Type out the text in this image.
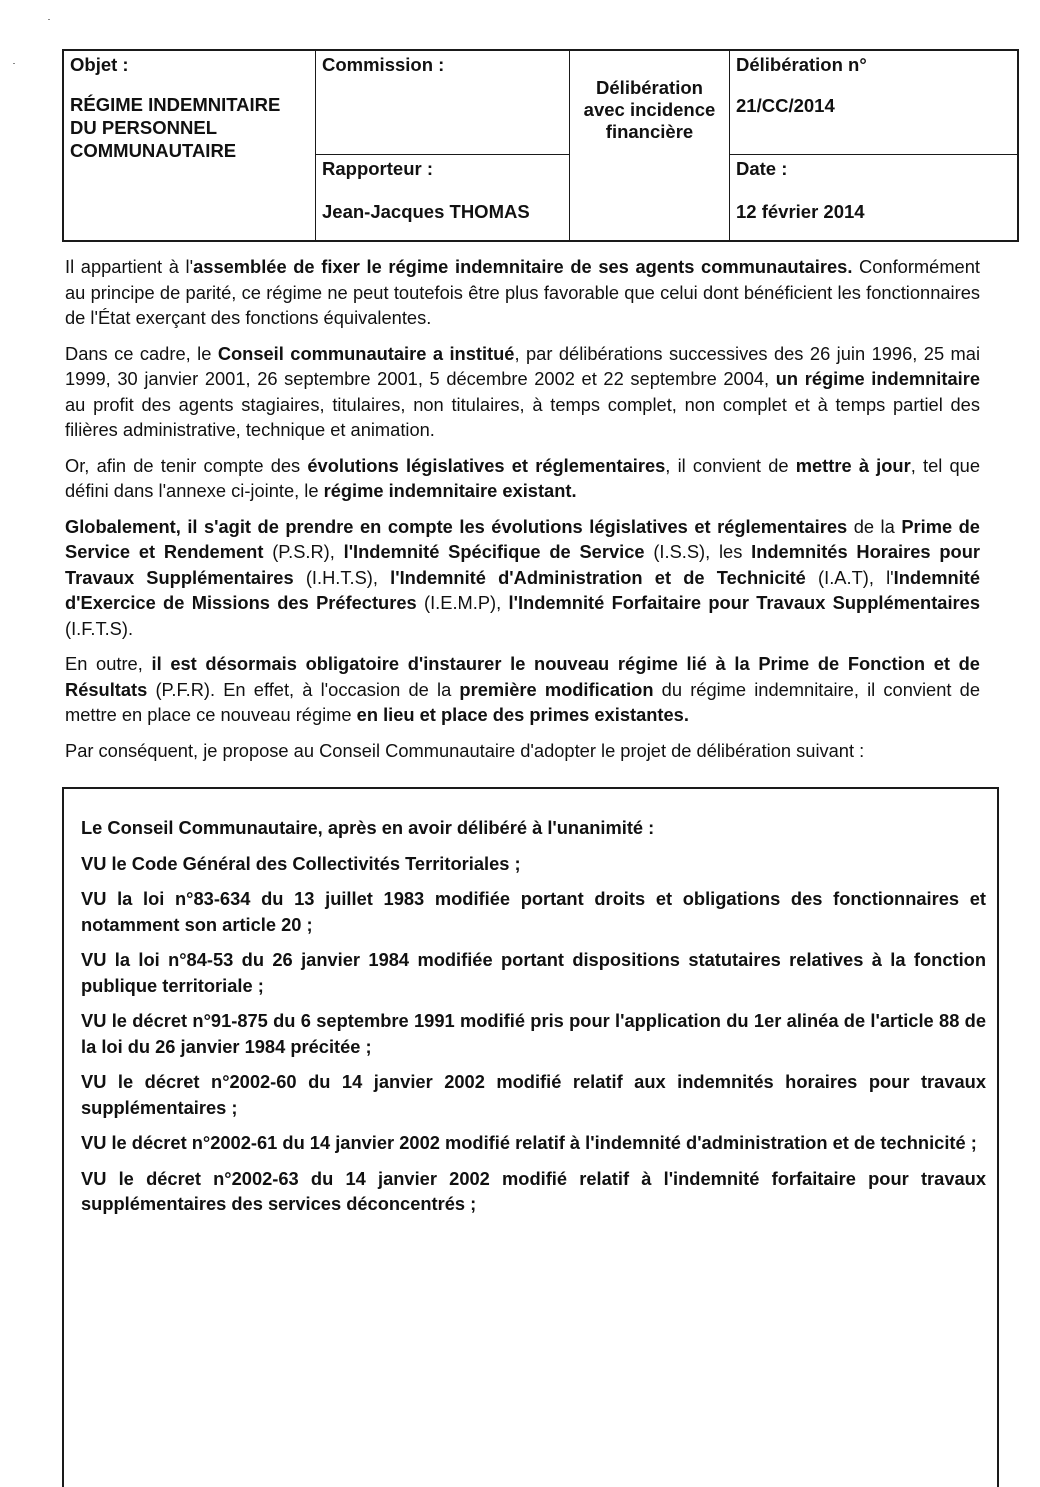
Objet :
RÉGIME INDEMNITAIRE DU PERSONNEL COMMUNAUTAIRE
Commission :
Délibération avec incidence financière
Délibération n°
21/CC/2014
Rapporteur :
Jean-Jacques THOMAS
Date :
12 février 2014

Il appartient à l'assemblée de fixer le régime indemnitaire de ses agents communautaires. Conformément au principe de parité, ce régime ne peut toutefois être plus favorable que celui dont bénéficient les fonctionnaires de l'État exerçant des fonctions équivalentes.

Dans ce cadre, le Conseil communautaire a institué, par délibérations successives des 26 juin 1996, 25 mai 1999, 30 janvier 2001, 26 septembre 2001, 5 décembre 2002 et 22 septembre 2004, un régime indemnitaire au profit des agents stagiaires, titulaires, non titulaires, à temps complet, non complet et à temps partiel des filières administrative, technique et animation.

Or, afin de tenir compte des évolutions législatives et réglementaires, il convient de mettre à jour, tel que défini dans l'annexe ci-jointe, le régime indemnitaire existant.

Globalement, il s'agit de prendre en compte les évolutions législatives et réglementaires de la Prime de Service et Rendement (P.S.R), l'Indemnité Spécifique de Service (I.S.S), les Indemnités Horaires pour Travaux Supplémentaires (I.H.T.S), l'Indemnité d'Administration et de Technicité (I.A.T), l'Indemnité d'Exercice de Missions des Préfectures (I.E.M.P), l'Indemnité Forfaitaire pour Travaux Supplémentaires (I.F.T.S).

En outre, il est désormais obligatoire d'instaurer le nouveau régime lié à la Prime de Fonction et de Résultats (P.F.R). En effet, à l'occasion de la première modification du régime indemnitaire, il convient de mettre en place ce nouveau régime en lieu et place des primes existantes.

Par conséquent, je propose au Conseil Communautaire d'adopter le projet de délibération suivant :

Le Conseil Communautaire, après en avoir délibéré à l'unanimité :

VU le Code Général des Collectivités Territoriales ;

VU la loi n°83-634 du 13 juillet 1983 modifiée portant droits et obligations des fonctionnaires et notamment son article 20 ;

VU la loi n°84-53 du 26 janvier 1984 modifiée portant dispositions statutaires relatives à la fonction publique territoriale ;

VU le décret n°91-875 du 6 septembre 1991 modifié pris pour l'application du 1er alinéa de l'article 88 de la loi du 26 janvier 1984 précitée ;

VU le décret n°2002-60 du 14 janvier 2002 modifié relatif aux indemnités horaires pour travaux supplémentaires ;

VU le décret n°2002-61 du 14 janvier 2002 modifié relatif à l'indemnité d'administration et de technicité ;

VU le décret n°2002-63 du 14 janvier 2002 modifié relatif à l'indemnité forfaitaire pour travaux supplémentaires des services déconcentrés ;
